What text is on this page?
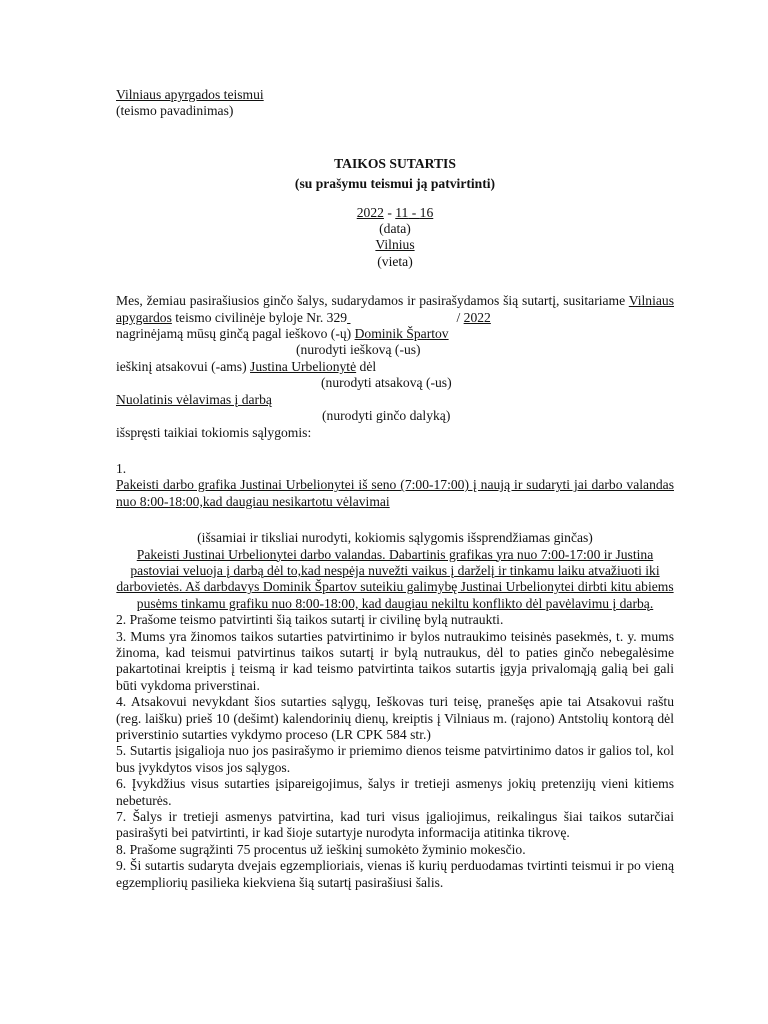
Vilniaus apyrgados teismui

(teismo pavadinimas)

TAIKOS SUTARTIS

(su prašymu teismui ją patvirtinti)

2022 - 11 - 16

(data)

Vilnius

(vieta)

Mes, žemiau pasirašiusios ginčo šalys, sudarydamos ir pasirašydamos šią sutartį, susitariame Vilniaus apygardos teismo civilinėje byloje Nr. 329	/ 2022

nagrinėjamą mūsų ginčą pagal ieškovo (-ų) Dominik Špartov

(nurodyti ieškovą (-us)

ieškinį atsakovui (-ams) Justina Urbelionytė dėl

(nurodyti atsakovą (-us)

Nuolatinis vėlavimas į darbą

(nurodyti ginčo dalyką)

išspręsti taikiai tokiomis sąlygomis:

1.

Pakeisti darbo grafika Justinai Urbelionytei iš seno (7:00-17:00) į naują ir sudaryti jai darbo valandas nuo 8:00-18:00,kad daugiau nesikartotu vėlavimai

(išsamiai ir tiksliai nurodyti, kokiomis sąlygomis išsprendžiamas ginčas)

Pakeisti Justinai Urbelionytei darbo valandas. Dabartinis grafikas yra nuo 7:00-17:00 ir Justina pastoviai veluoja į darbą dėl to,kad nespėja nuvežti vaikus į darželį ir tinkamu laiku atvažiuoti iki darbovietės. Aš darbdavys Dominik Špartov suteikiu galimybę Justinai Urbelionytei dirbti kitu abiems pusėms tinkamu grafiku nuo 8:00-18:00, kad daugiau nekiltu konflikto dėl pavėlavimu į darbą.

2. Prašome teismo patvirtinti šią taikos sutartį ir civilinę bylą nutraukti.

3. Mums yra žinomos taikos sutarties patvirtinimo ir bylos nutraukimo teisinės pasekmės, t. y. mums žinoma, kad teismui patvirtinus taikos sutartį ir bylą nutraukus, dėl to paties ginčo nebegalėsime pakartotinai kreiptis į teismą ir kad teismo patvirtinta taikos sutartis įgyja privalomąją galią bei gali būti vykdoma priverstinai.

4. Atsakovui nevykdant šios sutarties sąlygų, Ieškovas turi teisę, pranešęs apie tai Atsakovui raštu (reg. laišku) prieš 10 (dešimt) kalendorinių dienų, kreiptis į Vilniaus m. (rajono) Antstolių kontorą dėl priverstinio sutarties vykdymo proceso (LR CPK 584 str.)

5. Sutartis įsigalioja nuo jos pasirašymo ir priemimo dienos teisme patvirtinimo datos ir galios tol, kol bus įvykdytos visos jos sąlygos.

6. Įvykdžius visus sutarties įsipareigojimus, šalys ir tretieji asmenys jokių pretenzijų vieni kitiems nebeturės.

7. Šalys ir tretieji asmenys patvirtina, kad turi visus įgaliojimus, reikalingus šiai taikos sutarčiai pasirašyti bei patvirtinti, ir kad šioje sutartyje nurodyta informacija atitinka tikrovę.

8. Prašome sugrąžinti 75 procentus už ieškinį sumokėto žyminio mokesčio.

9. Ši sutartis sudaryta dvejais egzemplioriais, vienas iš kurių perduodamas tvirtinti teismui ir po vieną egzempliorių pasilieka kiekviena šią sutartį pasirašiusi šalis.
